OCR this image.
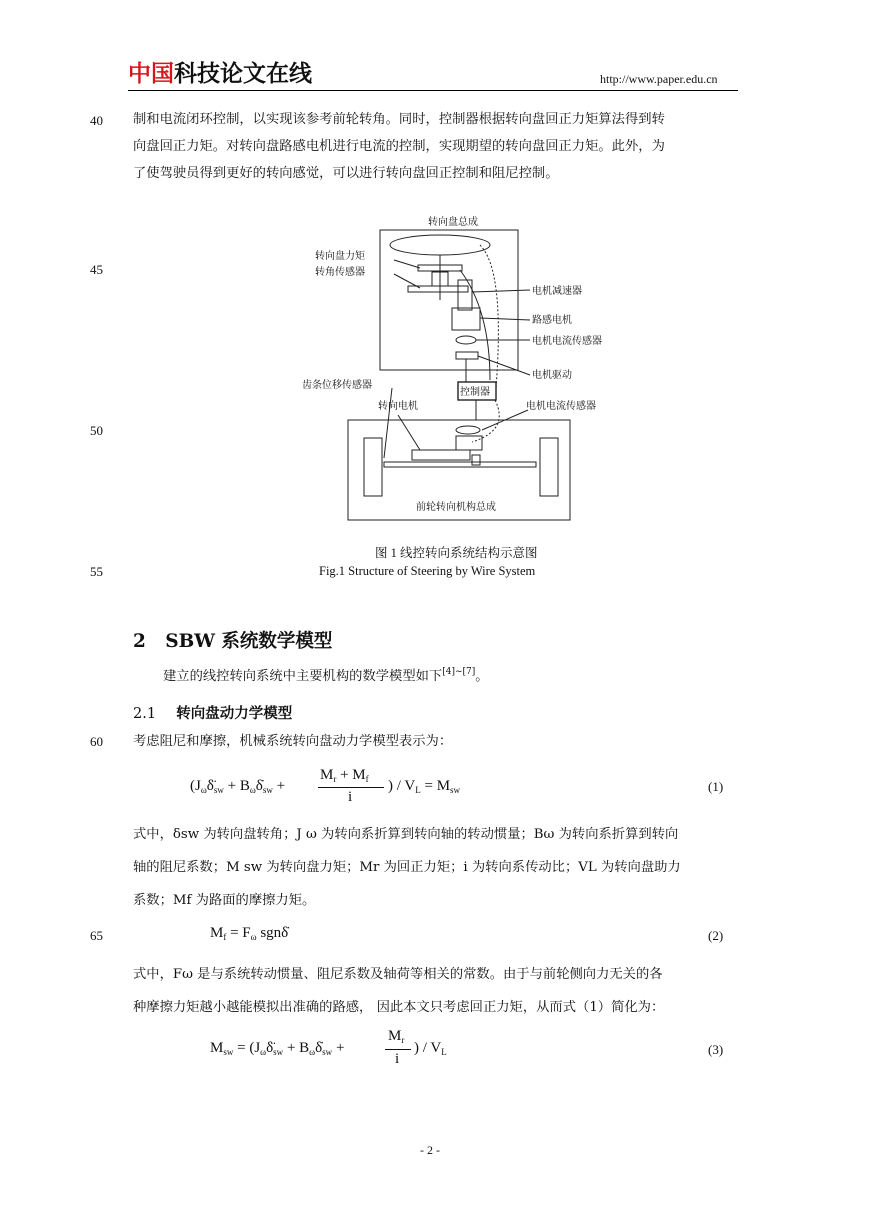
中国科技论文在线	http://www.paper.edu.cn
40
45
50
55
60
65
制和电流闭环控制，以实现该参考前轮转角。同时，控制器根据转向盘回正力矩算法得到转
向盘回正力矩。对转向盘路感电机进行电流的控制，实现期望的转向盘回正力矩。此外，为
了使驾驶员得到更好的转向感觉，可以进行转向盘回正控制和阻尼控制。
转向盘总成
转向盘力矩
转角传感器
电机减速器
路感电机
电机电流传感器
电机驱动
控制器
齿条位移传感器
转向电机	电机电流传感器
前轮转向机构总成
图 1 线控转向系统结构示意图
Fig.1 Structure of Steering by Wire System
2 SBW 系统数学模型
建立的线控转向系统中主要机构的数学模型如下[4]~[7]。
2.1 转向盘动力学模型
考虑阻尼和摩擦，机械系统转向盘动力学模型表示为：
($J_\omega\deltä_{sw}$ + $B_\omega\deltȧ_{sw}$ +
$M_r + M_f$
i
) / $V_L = M_{sw}$	(1)
式中，δsw 为转向盘转角；J ω 为转向系折算到转向轴的转动惯量；Bω 为转向系折算到转向
轴的阻尼系数；M sw 为转向盘力矩；Mr 为回正力矩；i 为转向系传动比；VL 为转向盘助力
系数；Mf 为路面的摩擦力矩。
$M_f = F_\omega$ sgnδ̇	(2)
式中，Fω 是与系统转动惯量、阻尼系数及轴荷等相关的常数。由于与前轮侧向力无关的各
种摩擦力矩越小越能模拟出准确的路感， 因此本文只考虑回正力矩，从而式（1）简化为：
$M_{sw}$ = ($J_\omega\deltä_{sw}$ + $B_\omega\deltȧ_{sw}$ +
$M_r$
i
) / $V_L$	(3)
- 2 -
